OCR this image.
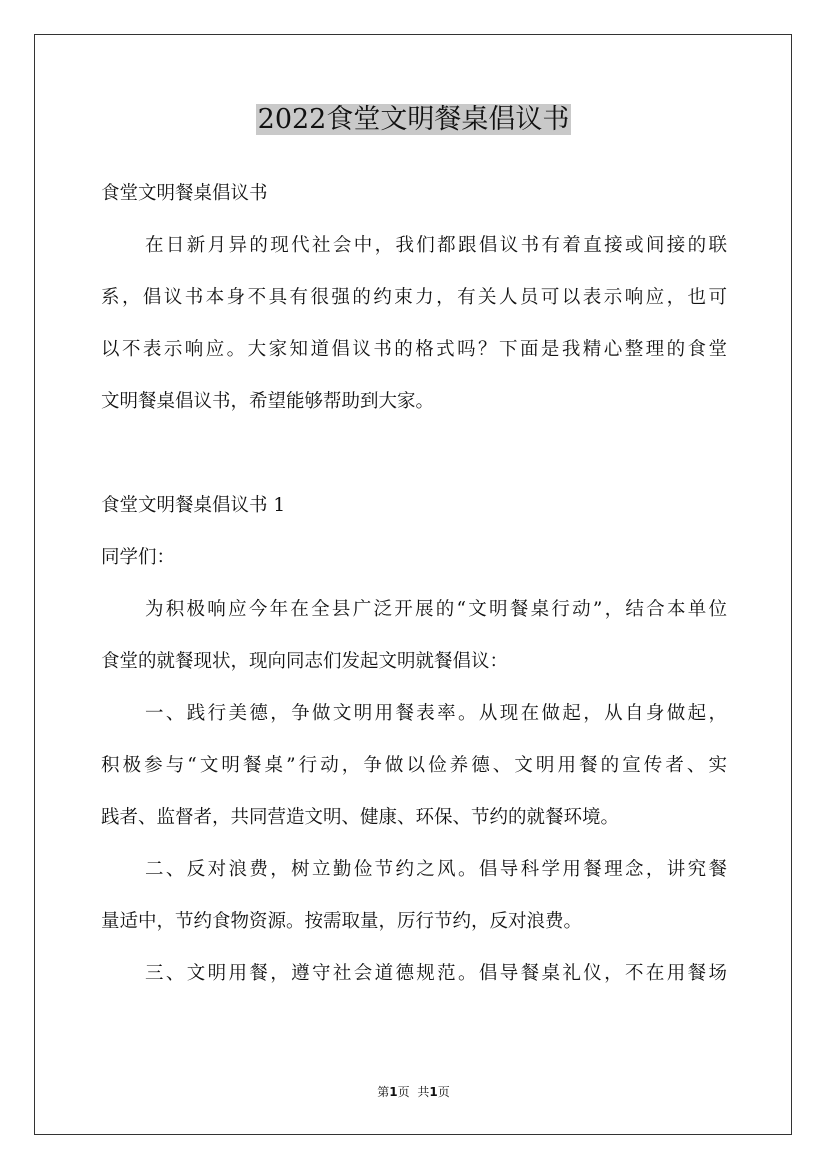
2022食堂文明餐桌倡议书
食堂文明餐桌倡议书
在日新月异的现代社会中，我们都跟倡议书有着直接或间接的联
系，倡议书本身不具有很强的约束力，有关人员可以表示响应，也可
以不表示响应。大家知道倡议书的格式吗？下面是我精心整理的食堂
文明餐桌倡议书，希望能够帮助到大家。
食堂文明餐桌倡议书 1
同学们：
为积极响应今年在全县广泛开展的“文明餐桌行动”，结合本单位
食堂的就餐现状，现向同志们发起文明就餐倡议：
一、践行美德，争做文明用餐表率。从现在做起，从自身做起，
积极参与“文明餐桌”行动，争做以俭养德、文明用餐的宣传者、实
践者、监督者，共同营造文明、健康、环保、节约的就餐环境。
二、反对浪费，树立勤俭节约之风。倡导科学用餐理念，讲究餐
量适中，节约食物资源。按需取量，厉行节约，反对浪费。
三、文明用餐，遵守社会道德规范。倡导餐桌礼仪，不在用餐场
第1页 共1页
